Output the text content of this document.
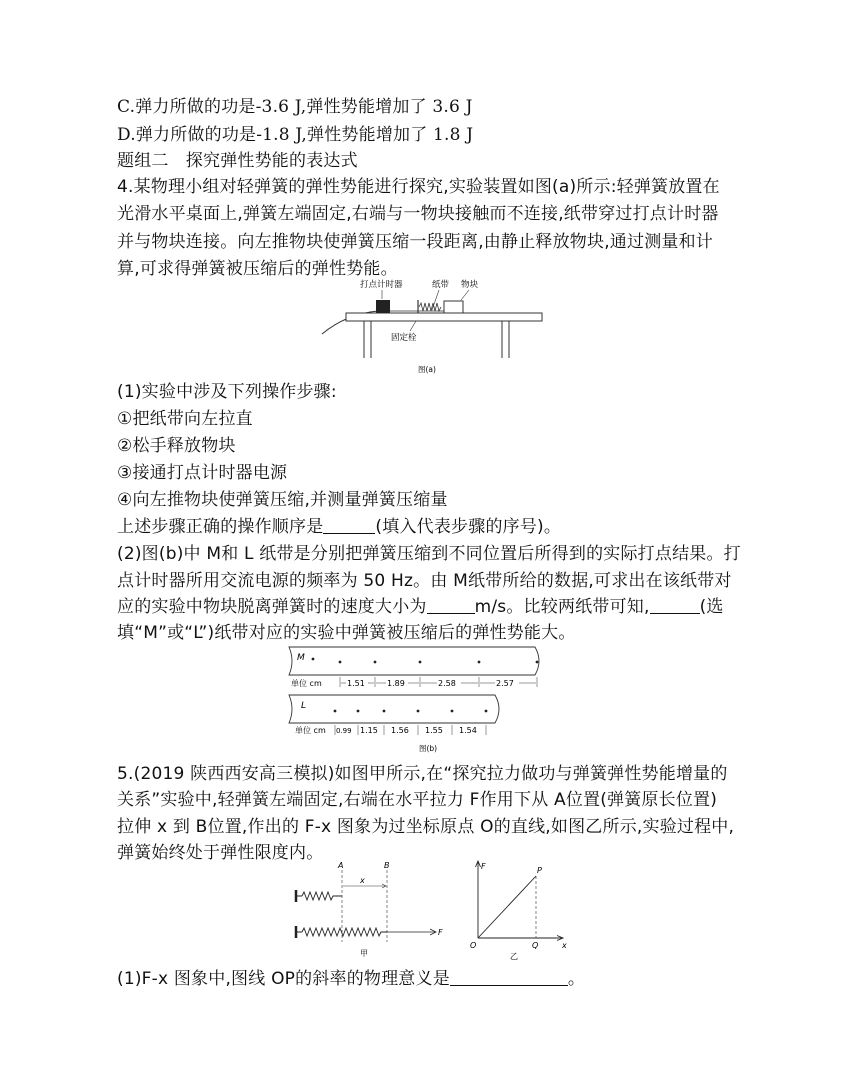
C.弹力所做的功是-3.6 J,弹性势能增加了 3.6 J
D.弹力所做的功是-1.8 J,弹性势能增加了 1.8 J
题组二　探究弹性势能的表达式
4.某物理小组对轻弹簧的弹性势能进行探究,实验装置如图(a)所示:轻弹簧放置在
光滑水平桌面上,弹簧左端固定,右端与一物块接触而不连接,纸带穿过打点计时器
并与物块连接。向左推物块使弹簧压缩一段距离,由静止释放物块,通过测量和计
算,可求得弹簧被压缩后的弹性势能。
打点计时器	纸带 物块
固定栓
图(a)
(1)实验中涉及下列操作步骤:
①把纸带向左拉直
②松手释放物块
③接通打点计时器电源
④向左推物块使弹簧压缩,并测量弹簧压缩量
上述步骤正确的操作顺序是	(填入代表步骤的序号)。
(2)图(b)中 M和 L 纸带是分别把弹簧压缩到不同位置后所得到的实际打点结果。打
点计时器所用交流电源的频率为 50 Hz。由 M纸带所给的数据,可求出在该纸带对
应的实验中物块脱离弹簧时的速度大小为	m/s。比较两纸带可知,	(选
填“M”或“L”)纸带对应的实验中弹簧被压缩后的弹性势能大。
M
单位 cm	1.51	1.89	2.58	2.57
L
单位 cm 0.99 1.15 1.56 1.55 1.54
图(b)
5.(2019 陕西西安高三模拟)如图甲所示,在“探究拉力做功与弹簧弹性势能增量的
关系”实验中,轻弹簧左端固定,右端在水平拉力 F作用下从 A位置(弹簧原长位置)
拉伸 x 到 B位置,作出的 F-x 图象为过坐标原点 O的直线,如图乙所示,实验过程中,
弹簧始终处于弹性限度内。
A	B
x
F
甲
F
x
P
O	Q
乙
(1)F-x 图象中,图线 OP的斜率的物理意义是	。
